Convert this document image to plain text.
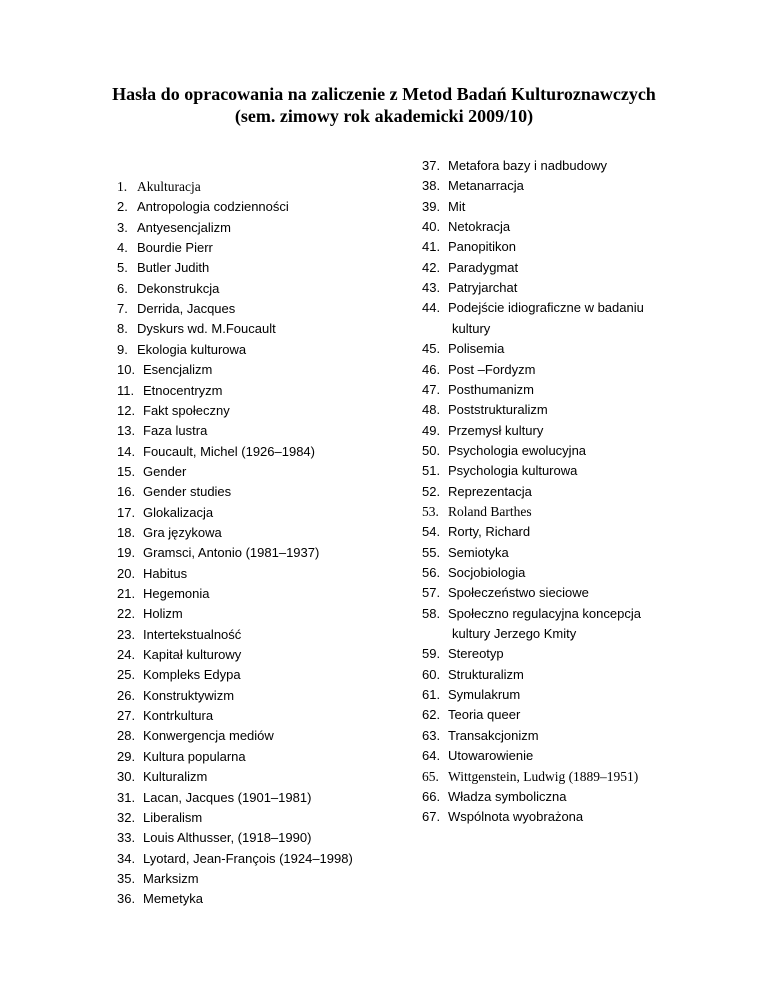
Hasła do opracowania na zaliczenie z Metod Badań Kulturoznawczych
(sem. zimowy rok akademicki 2009/10)
1. Akulturacja
2. Antropologia codzienności
3. Antyesencjalizm
4. Bourdie Pierr
5. Butler Judith
6. Dekonstrukcja
7. Derrida, Jacques
8. Dyskurs wd. M.Foucault
9. Ekologia kulturowa
10. Esencjalizm
11. Etnocentryzm
12. Fakt społeczny
13. Faza lustra
14. Foucault, Michel (1926–1984)
15. Gender
16. Gender studies
17. Glokalizacja
18. Gra językowa
19. Gramsci, Antonio (1981–1937)
20. Habitus
21. Hegemonia
22. Holizm
23. Intertekstualność
24. Kapitał kulturowy
25. Kompleks Edypa
26. Konstruktywizm
27. Kontrkultura
28. Konwergencja mediów
29. Kultura popularna
30. Kulturalizm
31. Lacan, Jacques (1901–1981)
32. Liberalism
33. Louis Althusser, (1918–1990)
34. Lyotard, Jean-François (1924–1998)
35. Marksizm
36. Memetyka
37. Metafora bazy i nadbudowy
38. Metanarracja
39. Mit
40. Netokracja
41. Panopitikon
42. Paradygmat
43. Patryjarchat
44. Podejście idiograficzne w badaniu
kultury
45. Polisemia
46. Post –Fordyzm
47. Posthumanizm
48. Poststrukturalizm
49. Przemysł kultury
50. Psychologia ewolucyjna
51. Psychologia kulturowa
52. Reprezentacja
53. Roland Barthes
54. Rorty, Richard
55. Semiotyka
56. Socjobiologia
57. Społeczeństwo sieciowe
58. Społeczno regulacyjna koncepcja
kultury Jerzego Kmity
59. Stereotyp
60. Strukturalizm
61. Symulakrum
62. Teoria queer
63. Transakcjonizm
64. Utowarowienie
65. Wittgenstein, Ludwig (1889–1951)
66. Władza symboliczna
67. Wspólnota wyobrażona
